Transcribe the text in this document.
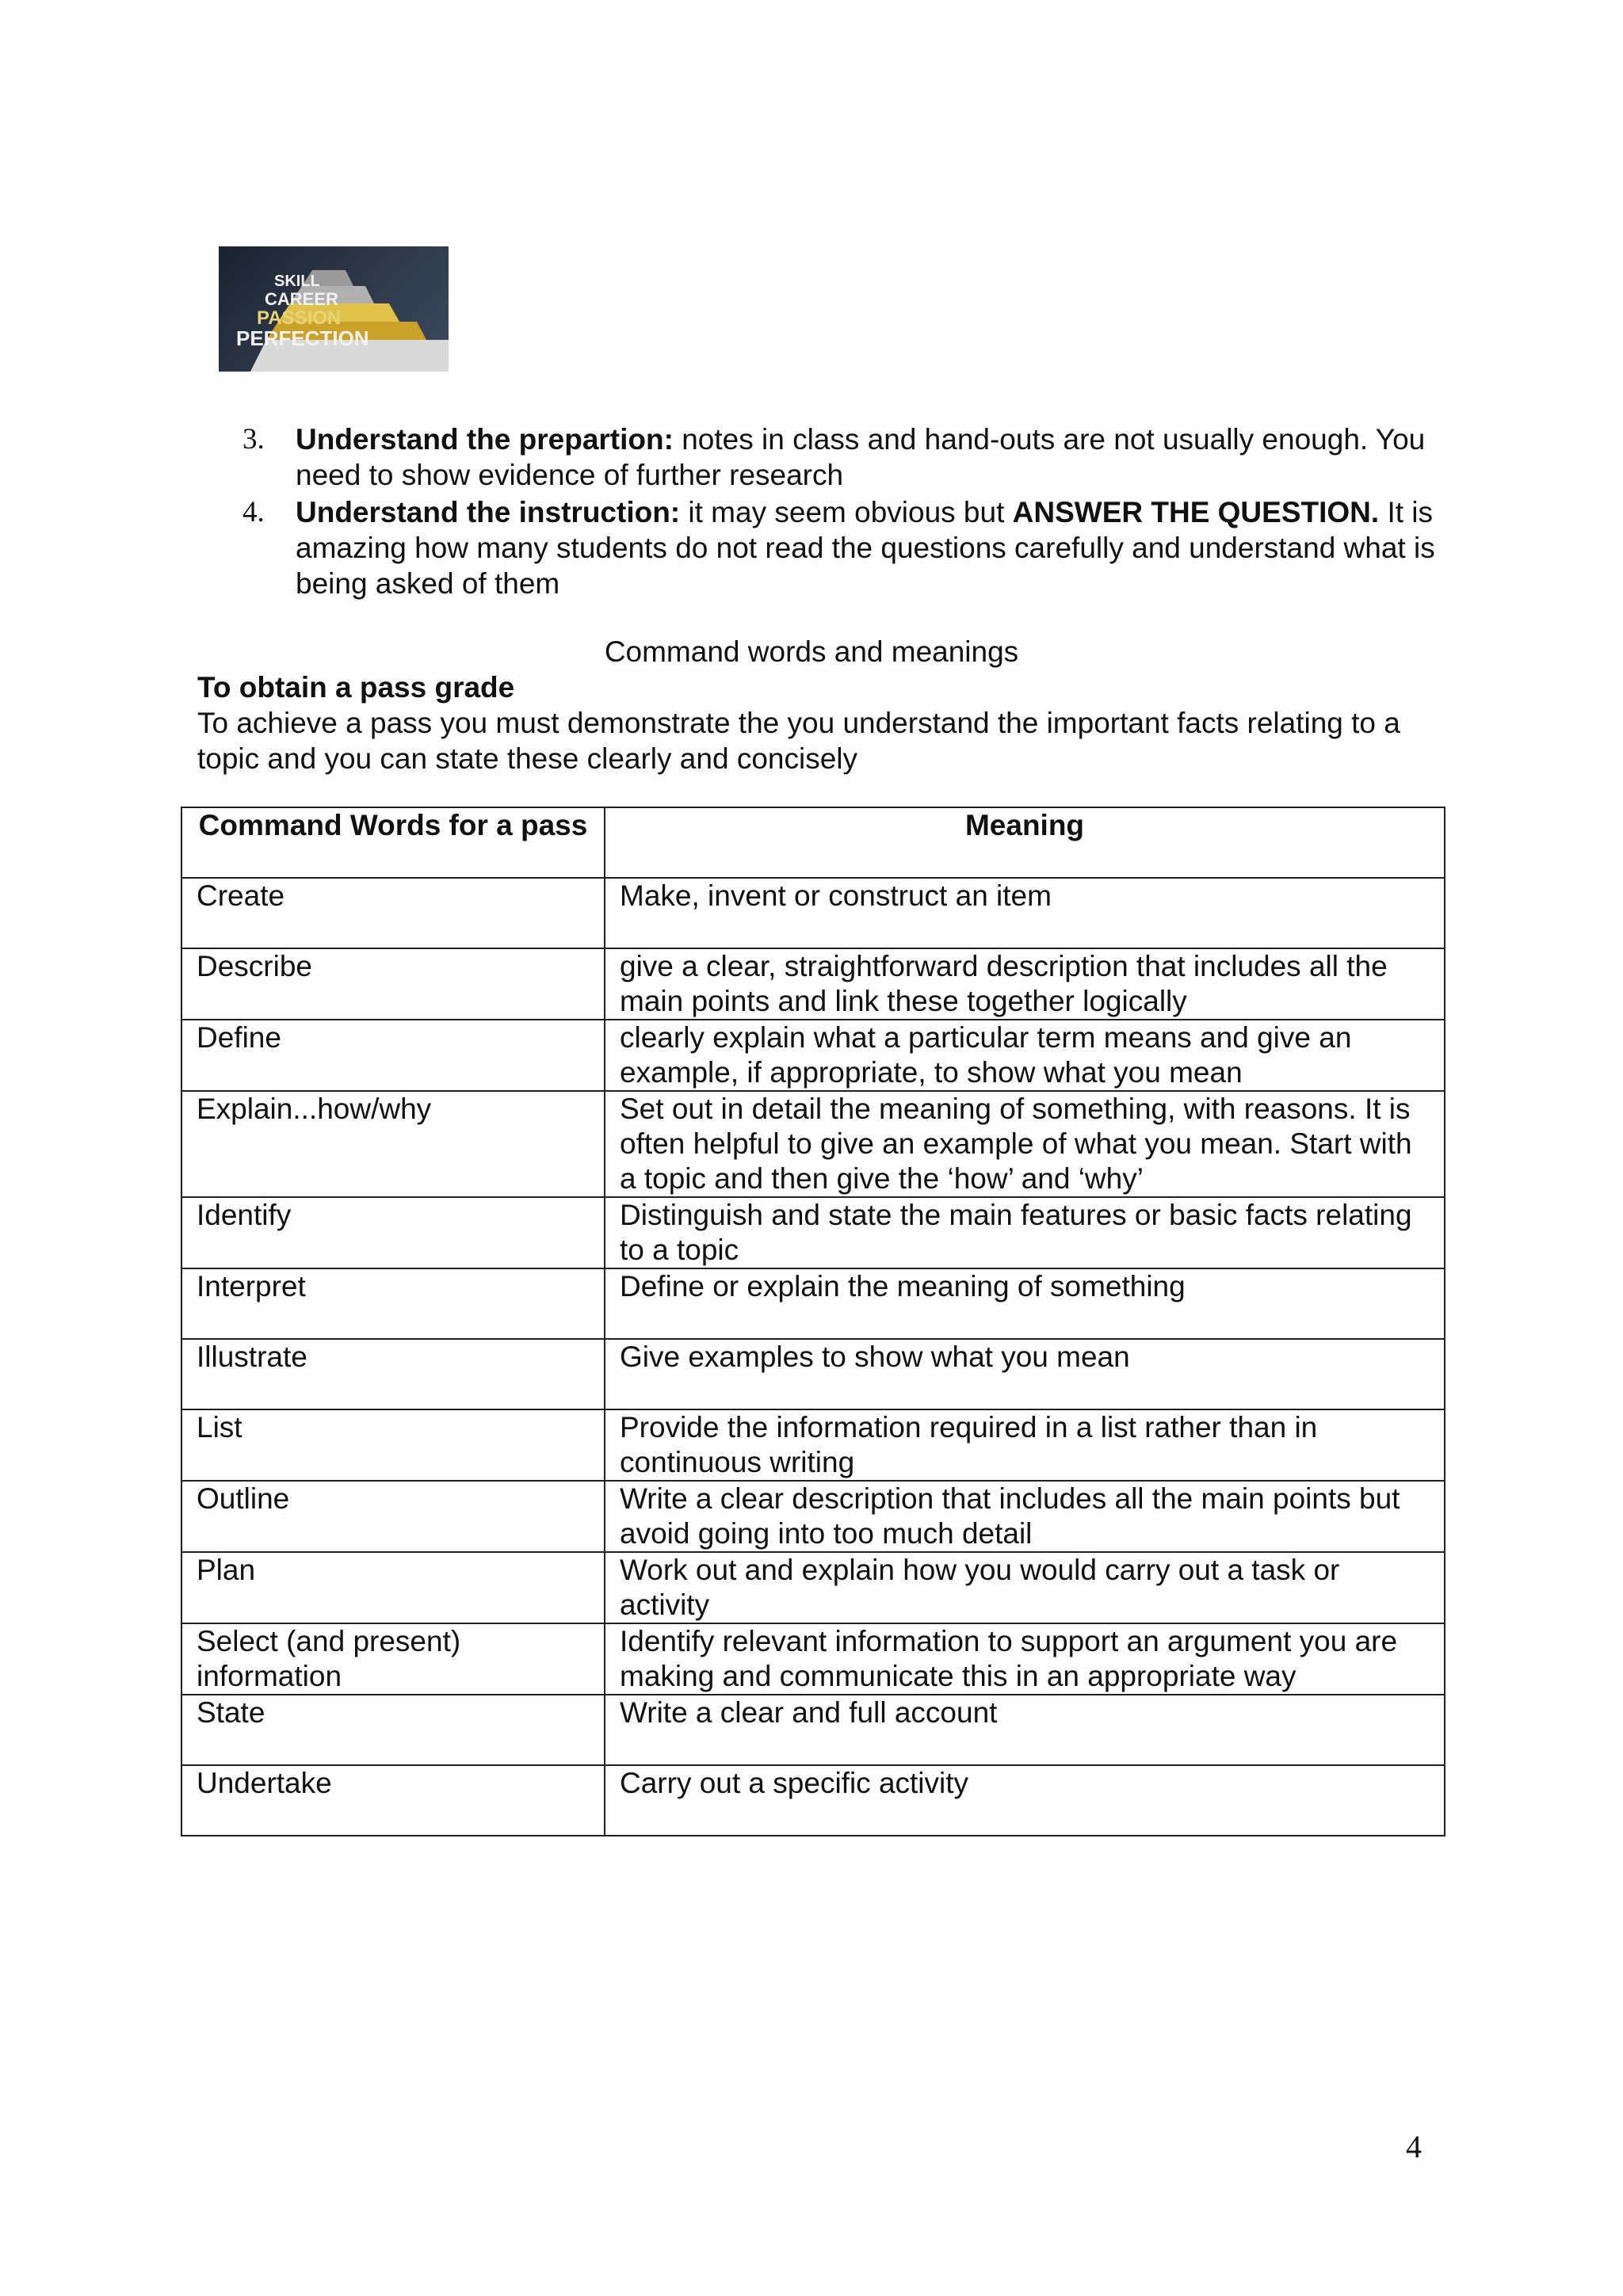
SKILL
CAREER
PASSION
PERFECTION
3. Understand the prepartion: notes in class and hand-outs are not usually enough. You need to show evidence of further research
4. Understand the instruction: it may seem obvious but ANSWER THE QUESTION. It is amazing how many students do not read the questions carefully and understand what is being asked of them
Command words and meanings
To obtain a pass grade
To achieve a pass you must demonstrate the you understand the important facts relating to a topic and you can state these clearly and concisely
Command Words for a pass	Meaning
Create	Make, invent or construct an item
Describe	give a clear, straightforward description that includes all the main points and link these together logically
Define	clearly explain what a particular term means and give an example, if appropriate, to show what you mean
Explain...how/why	Set out in detail the meaning of something, with reasons. It is often helpful to give an example of what you mean. Start with a topic and then give the ‘how’ and ‘why’
Identify	Distinguish and state the main features or basic facts relating to a topic
Interpret	Define or explain the meaning of something
Illustrate	Give examples to show what you mean
List	Provide the information required in a list rather than in continuous writing
Outline	Write a clear description that includes all the main points but avoid going into too much detail
Plan	Work out and explain how you would carry out a task or activity
Select (and present) information	Identify relevant information to support an argument you are making and communicate this in an appropriate way
State	Write a clear and full account
Undertake	Carry out a specific activity
4
